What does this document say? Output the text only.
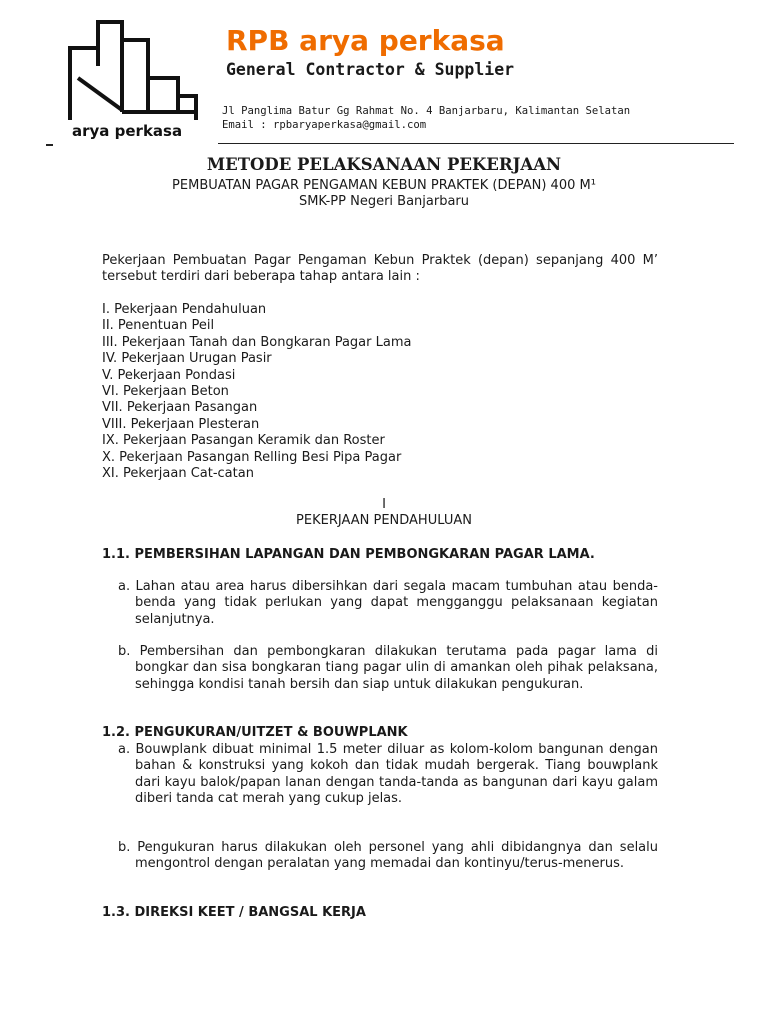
arya perkasa
RPB arya perkasa
General Contractor & Supplier
Jl Panglima Batur Gg Rahmat No. 4 Banjarbaru, Kalimantan Selatan
Email : rpbaryaperkasa@gmail.com
METODE PELAKSANAAN PEKERJAAN
PEMBUATAN PAGAR PENGAMAN KEBUN PRAKTEK (DEPAN) 400 M¹
SMK-PP Negeri Banjarbaru
Pekerjaan Pembuatan Pagar Pengaman Kebun Praktek (depan) sepanjang 400 M’ tersebut terdiri dari beberapa tahap antara lain :
I. Pekerjaan Pendahuluan
II. Penentuan Peil
III. Pekerjaan Tanah dan Bongkaran Pagar Lama
IV. Pekerjaan Urugan Pasir
V. Pekerjaan Pondasi
VI. Pekerjaan Beton
VII. Pekerjaan Pasangan
VIII. Pekerjaan Plesteran
IX. Pekerjaan Pasangan Keramik dan Roster
X. Pekerjaan Pasangan Relling Besi Pipa Pagar
XI. Pekerjaan Cat-catan
I
PEKERJAAN PENDAHULUAN
1.1. PEMBERSIHAN LAPANGAN DAN PEMBONGKARAN PAGAR LAMA.
a. Lahan atau area harus dibersihkan dari segala macam tumbuhan atau benda-benda yang tidak perlukan yang dapat mengganggu pelaksanaan kegiatan selanjutnya.
b. Pembersihan dan pembongkaran dilakukan terutama pada pagar lama di bongkar dan sisa bongkaran tiang pagar ulin di amankan oleh pihak pelaksana, sehingga kondisi tanah bersih dan siap untuk dilakukan pengukuran.
1.2. PENGUKURAN/UITZET & BOUWPLANK
a. Bouwplank dibuat minimal 1.5 meter diluar as kolom-kolom bangunan dengan bahan & konstruksi yang kokoh dan tidak mudah bergerak. Tiang bouwplank dari kayu balok/papan lanan dengan tanda-tanda as bangunan dari kayu galam diberi tanda cat merah yang cukup jelas.
b. Pengukuran harus dilakukan oleh personel yang ahli dibidangnya dan selalu mengontrol dengan peralatan yang memadai dan kontinyu/terus-menerus.
1.3. DIREKSI KEET / BANGSAL KERJA
